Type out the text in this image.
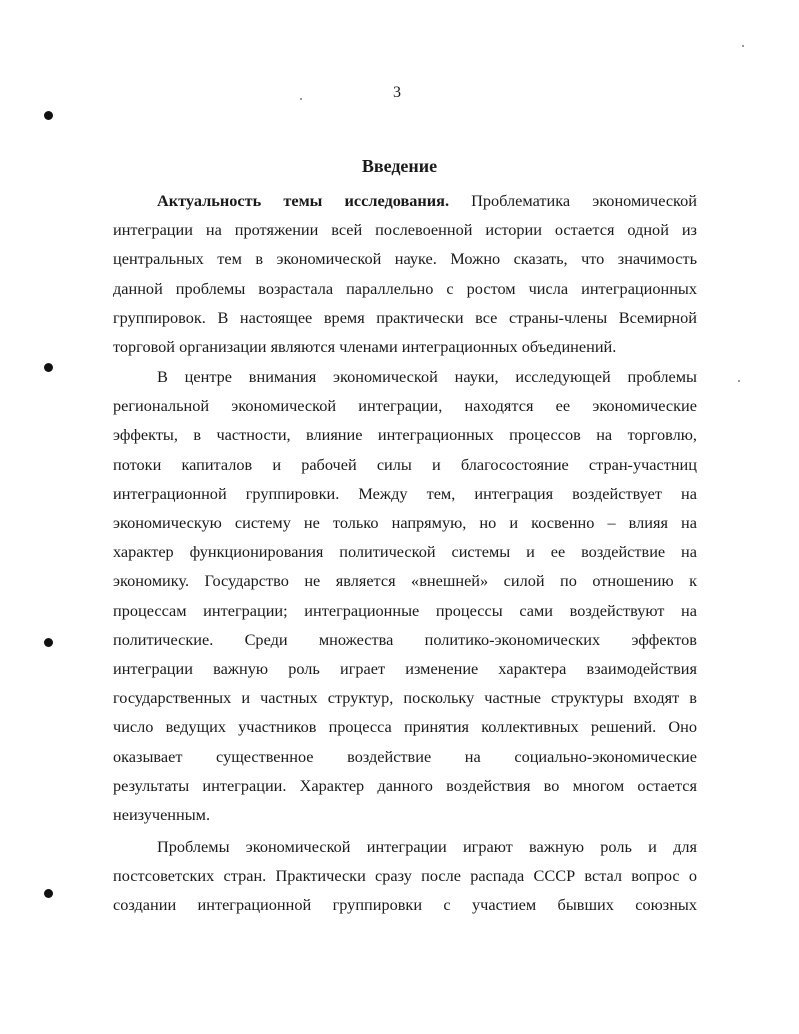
3
Введение
Актуальность темы исследования. Проблематика экономической
интеграции на протяжении всей послевоенной истории остается одной из
центральных тем в экономической науке. Можно сказать, что значимость
данной проблемы возрастала параллельно с ростом числа интеграционных
группировок. В настоящее время практически все страны-члены Всемирной
торговой организации являются членами интеграционных объединений.
В центре внимания экономической науки, исследующей проблемы
региональной экономической интеграции, находятся ее экономические
эффекты, в частности, влияние интеграционных процессов на торговлю,
потоки капиталов и рабочей силы и благосостояние стран-участниц
интеграционной группировки. Между тем, интеграция воздействует на
экономическую систему не только напрямую, но и косвенно – влияя на
характер функционирования политической системы и ее воздействие на
экономику. Государство не является «внешней» силой по отношению к
процессам интеграции; интеграционные процессы сами воздействуют на
политические. Среди множества политико-экономических эффектов
интеграции важную роль играет изменение характера взаимодействия
государственных и частных структур, поскольку частные структуры входят в
число ведущих участников процесса принятия коллективных решений. Оно
оказывает существенное воздействие на социально-экономические
результаты интеграции. Характер данного воздействия во многом остается
неизученным.
Проблемы экономической интеграции играют важную роль и для
постсоветских стран. Практически сразу после распада СССР встал вопрос о
создании интеграционной группировки с участием бывших союзных
